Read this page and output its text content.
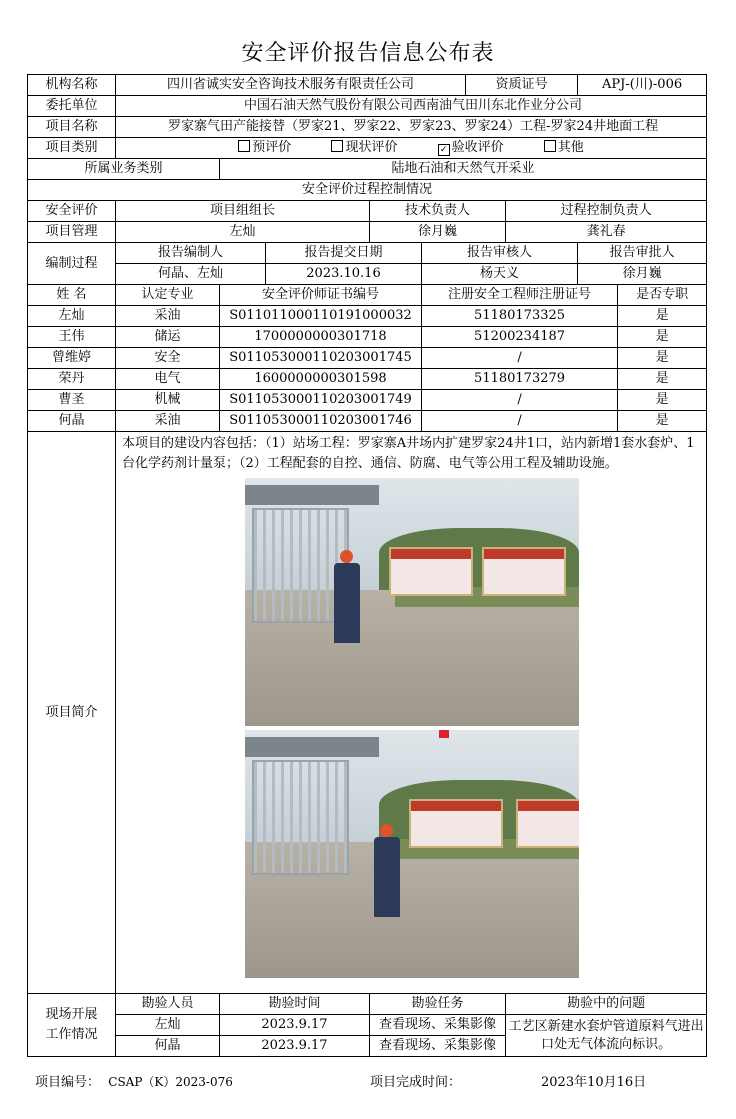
安全评价报告信息公布表
机构名称	四川省诚实安全咨询技术服务有限责任公司					资质证号		APJ-(川)-006	
委托单位	中国石油天然气股份有限公司西南油气田川东北作业分公司								
项目名称	罗家寨气田产能接替（罗家21、罗家22、罗家23、罗家24）工程-罗家24井地面工程								
项目类别	预评价 现状评价 ✓ 验收评价 其他								
所属业务类别		陆地石油和天然气开采业							
安全评价过程控制情况									
安全评价	项目组组长			技术负责人			过程控制负责人		
项目管理	左灿			徐月巍			龚礼春		
编制过程	报告编制人		报告提交日期		报告审核人			报告审批人	
	何晶、左灿		2023.10.16		杨天义			徐月巍	
姓 名	认定专业	安全评价师证书编号			注册安全工程师注册证号				是否专职
左灿	采油	S011011000110191000032			51180173325				是
王伟	储运	1700000000301718			51200234187				是
曾维婷	安全	S011053000110203001745			/				是
荣丹	电气	1600000000301598			51180173279				是
曹圣	机械	S011053000110203001749			/				是
何晶	采油	S011053000110203001746			/				是
项目简介	本项目的建设内容包括：（1）站场工程：罗家寨A井场内扩建罗家24井1口，站内新增1套水套炉、1台化学药剂计量泵；（2）工程配套的自控、通信、防腐、电气等公用工程及辅助设施。								

现场开展
工作情况	勘验人员	勘验时间		勘验任务			勘验中的问题		
	左灿	2023.9.17		查看现场、采集影像			工艺区新建水套炉管道原料气进出口处无气体流向标识。		
	何晶	2023.9.17		查看现场、采集影像					
项目编号： CSAP（K）2023-076	项目完成时间：	2023年10月16日
